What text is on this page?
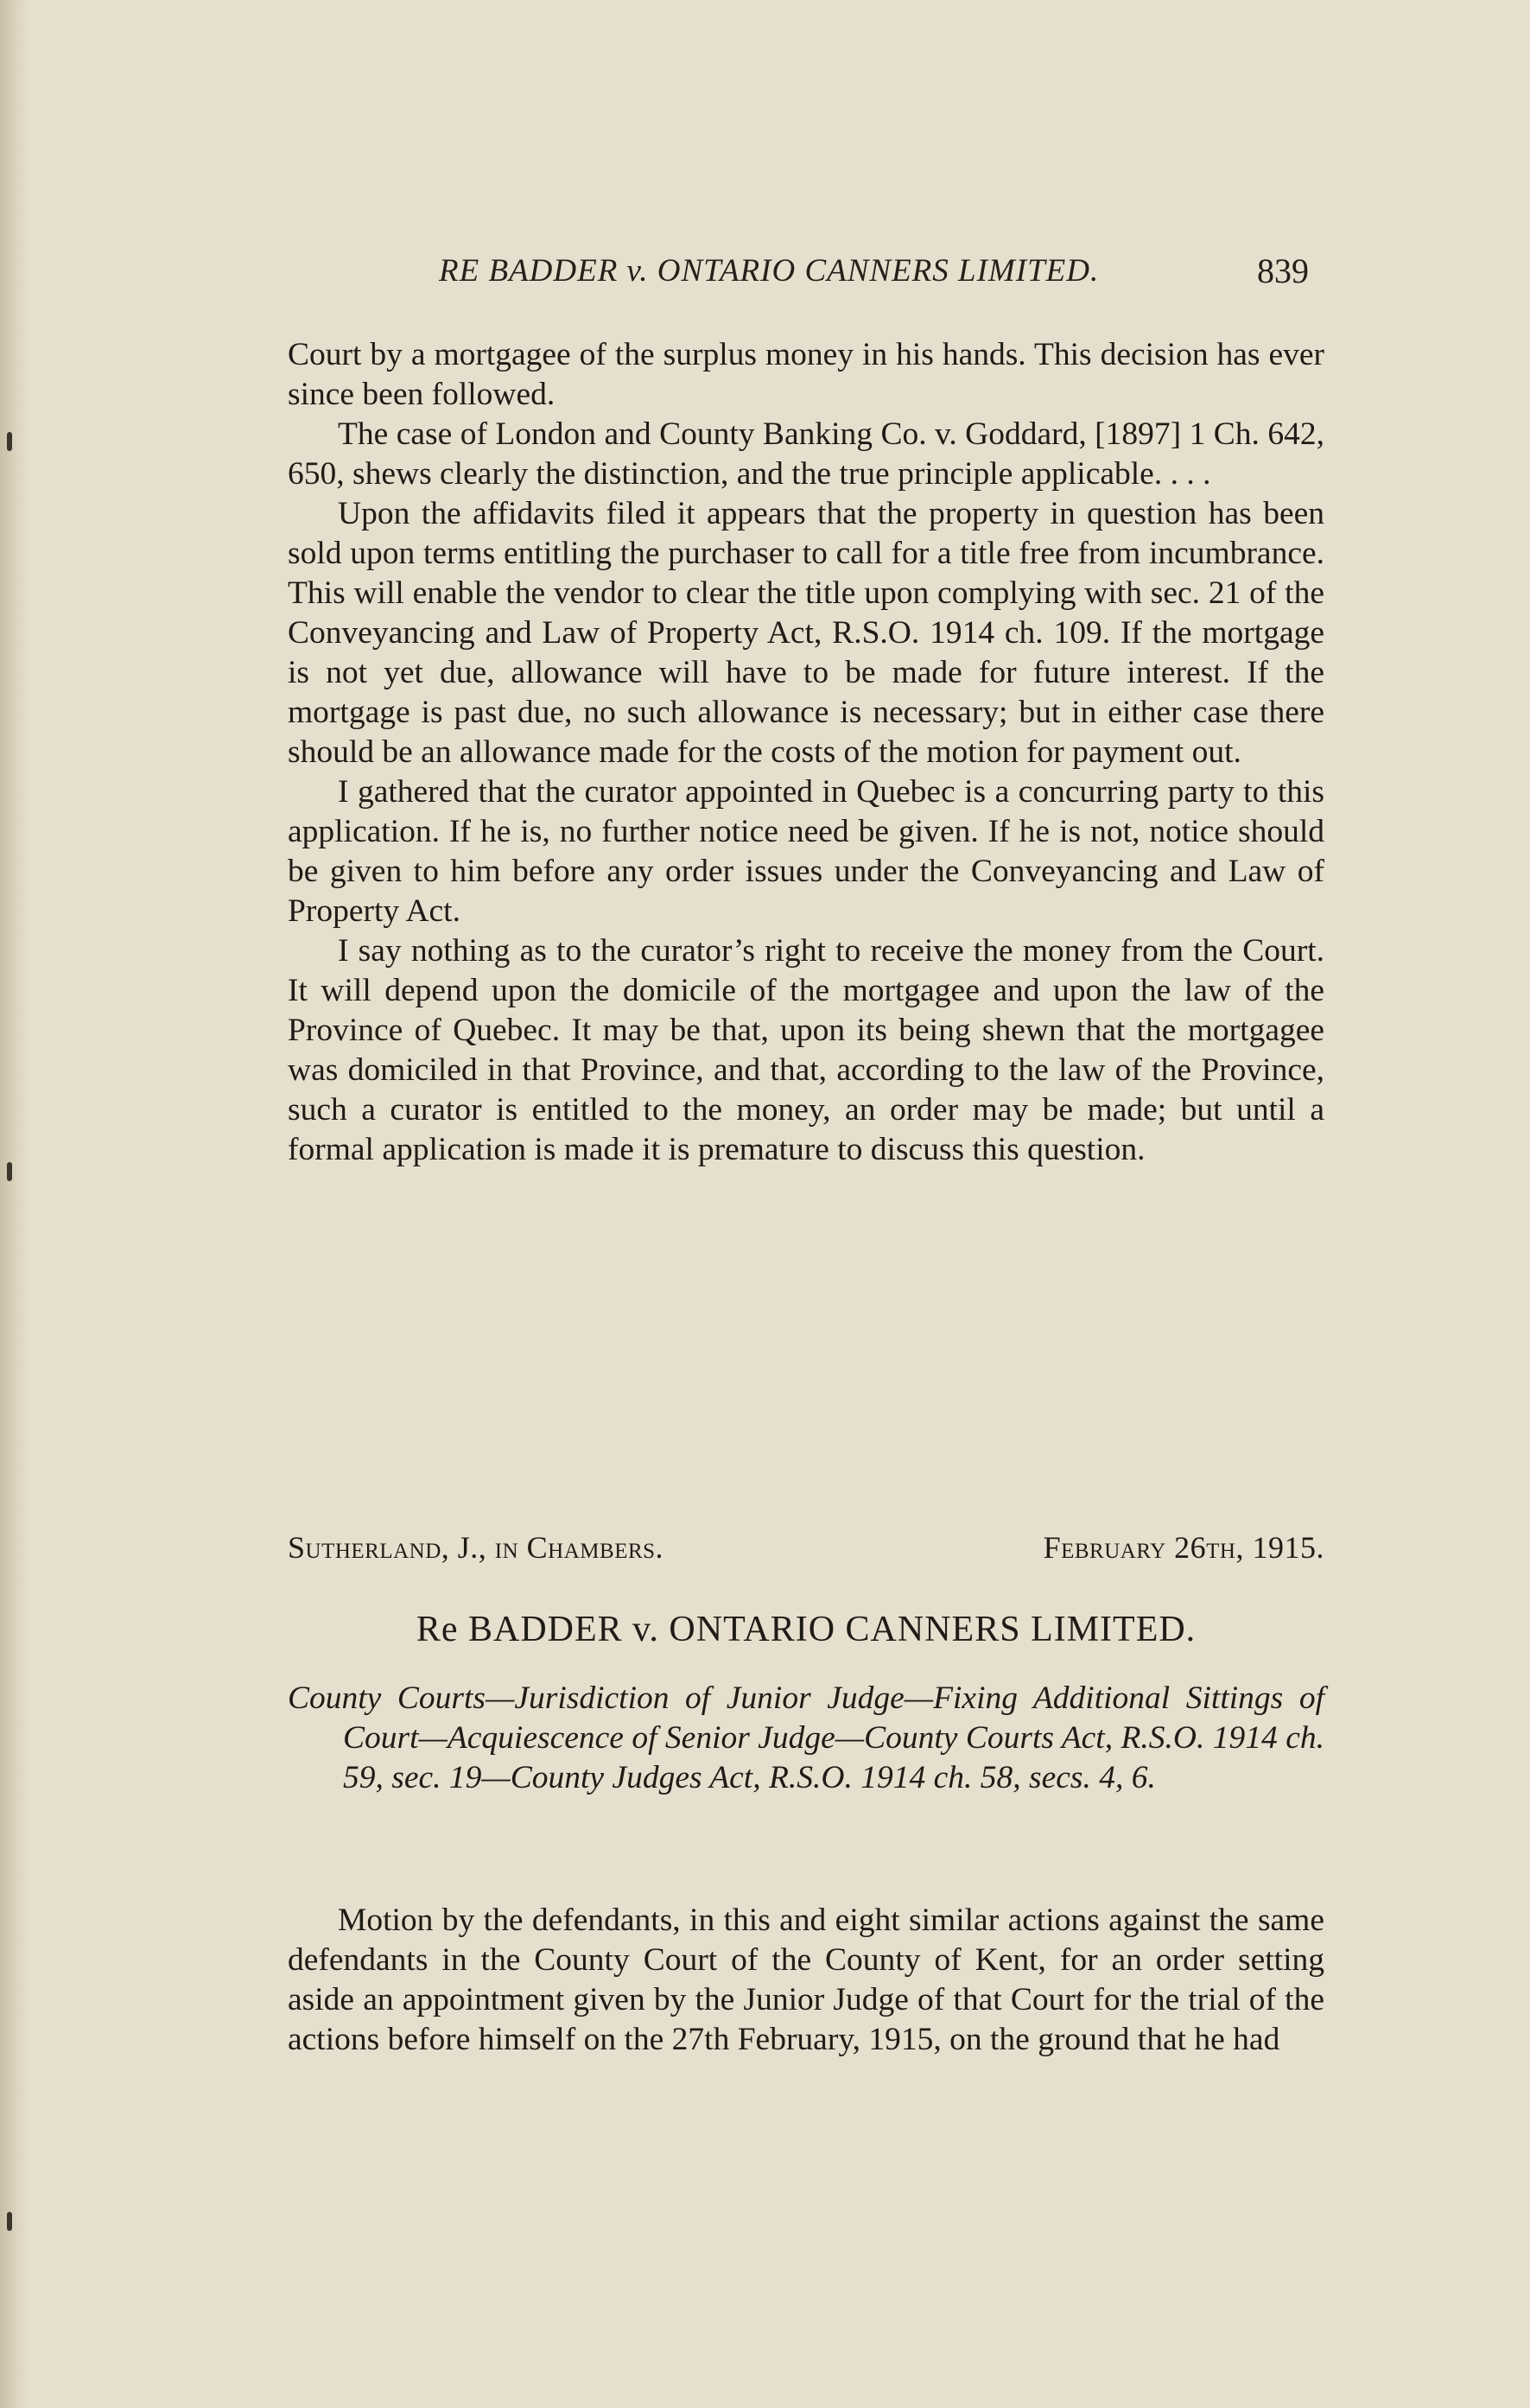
RE BADDER v. ONTARIO CANNERS LIMITED.	839

Court by a mortgagee of the surplus money in his hands. This decision has ever since been followed.

The case of London and County Banking Co. v. Goddard, [1897] 1 Ch. 642, 650, shews clearly the distinction, and the true principle applicable. . . .

Upon the affidavits filed it appears that the property in question has been sold upon terms entitling the purchaser to call for a title free from incumbrance. This will enable the vendor to clear the title upon complying with sec. 21 of the Conveyancing and Law of Property Act, R.S.O. 1914 ch. 109. If the mortgage is not yet due, allowance will have to be made for future interest. If the mortgage is past due, no such allowance is necessary; but in either case there should be an allowance made for the costs of the motion for payment out.

I gathered that the curator appointed in Quebec is a concurring party to this application. If he is, no further notice need be given. If he is not, notice should be given to him before any order issues under the Conveyancing and Law of Property Act.

I say nothing as to the curator’s right to receive the money from the Court. It will depend upon the domicile of the mortgagee and upon the law of the Province of Quebec. It may be that, upon its being shewn that the mortgagee was domiciled in that Province, and that, according to the law of the Province, such a curator is entitled to the money, an order may be made; but until a formal application is made it is premature to discuss this question.

Sutherland, J., in Chambers.	February 26th, 1915.
Re BADDER v. ONTARIO CANNERS LIMITED.

County Courts—Jurisdiction of Junior Judge—Fixing Additional Sittings of Court—Acquiescence of Senior Judge—County Courts Act, R.S.O. 1914 ch. 59, sec. 19—County Judges Act, R.S.O. 1914 ch. 58, secs. 4, 6.

Motion by the defendants, in this and eight similar actions against the same defendants in the County Court of the County of Kent, for an order setting aside an appointment given by the Junior Judge of that Court for the trial of the actions before himself on the 27th February, 1915, on the ground that he had
